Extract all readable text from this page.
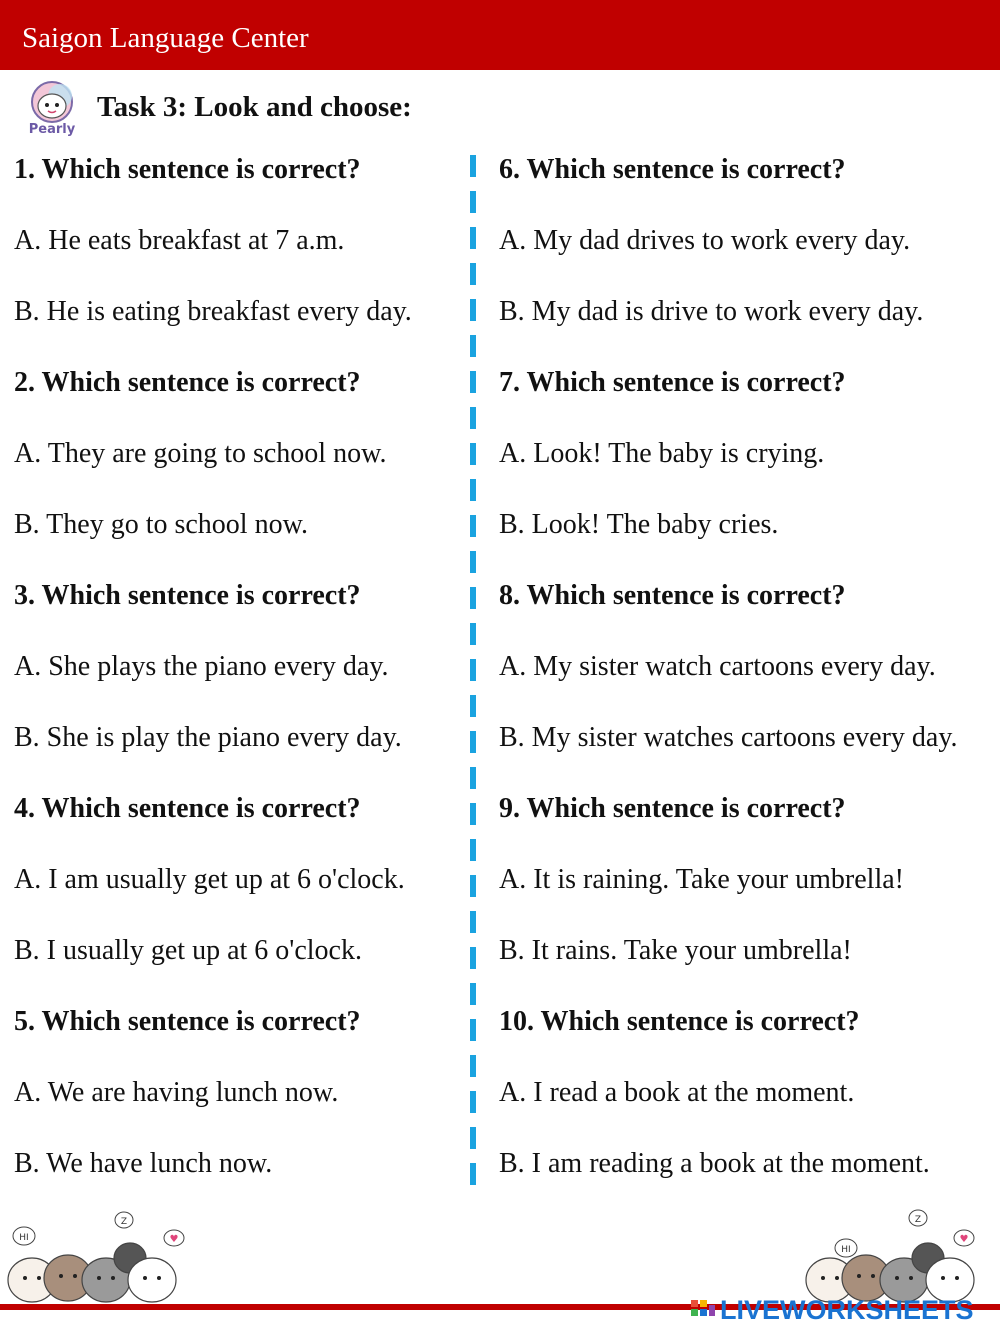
Saigon Language Center
Pearly
Task 3: Look and choose:
1. Which sentence is correct?
A. He eats breakfast at 7 a.m.
B. He is eating breakfast every day.
2. Which sentence is correct?
A. They are going to school now.
B. They go to school now.
3. Which sentence is correct?
A. She plays the piano every day.
B. She is play the piano every day.
4. Which sentence is correct?
A. I am usually get up at 6 o'clock.
B. I usually get up at 6 o'clock.
5. Which sentence is correct?
A. We are having lunch now.
B. We have lunch now.
6. Which sentence is correct?
A. My dad drives to work every day.
B. My dad is drive to work every day.
7. Which sentence is correct?
A. Look! The baby is crying.
B. Look! The baby cries.
8. Which sentence is correct?
A. My sister watch cartoons every day.
B. My sister watches cartoons every day.
9. Which sentence is correct?
A. It is raining. Take your umbrella!
B. It rains. Take your umbrella!
10. Which sentence is correct?
A. I read a book at the moment.
B. I am reading a book at the moment.
HI
Z
♥
HI
Z
♥
LIVEWORKSHEETS
